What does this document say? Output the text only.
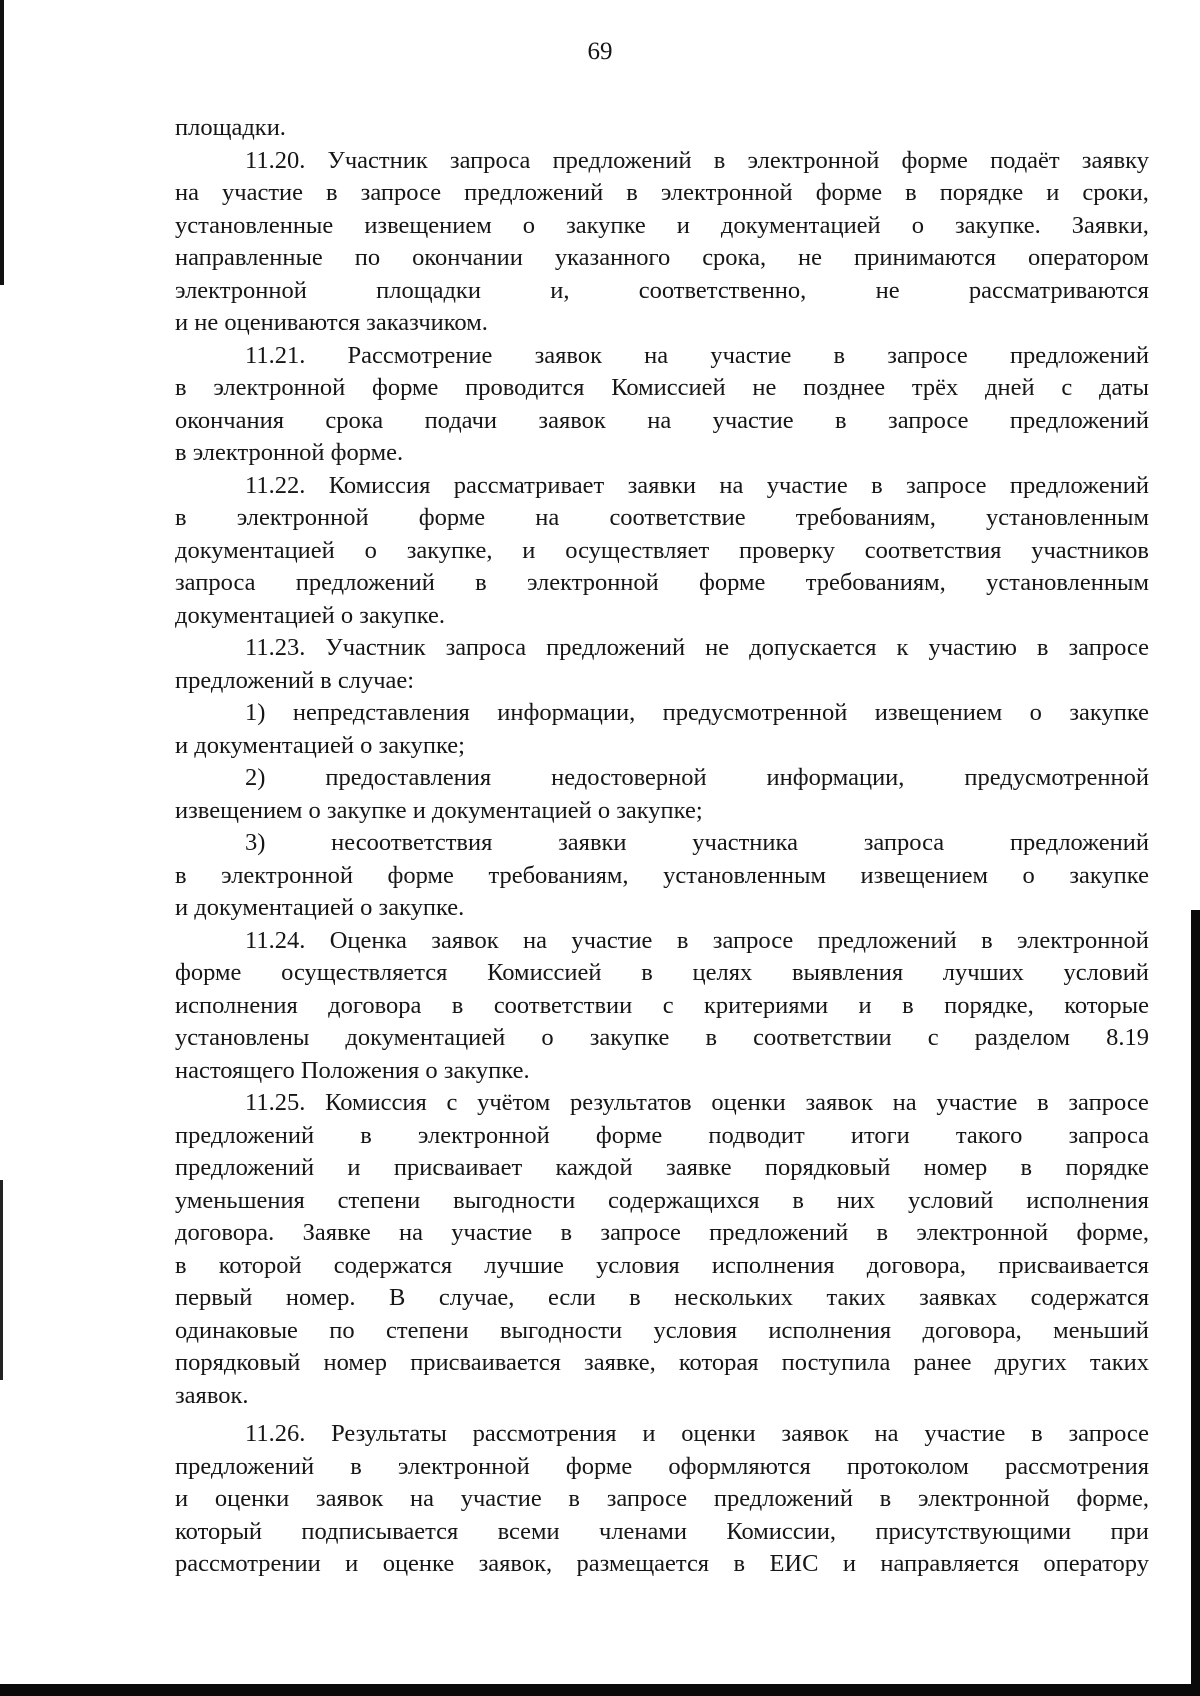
69
площадки.
11.20. Участник запроса предложений в электронной форме подаёт заявку
на участие в запросе предложений в электронной форме в порядке и сроки,
установленные извещением о закупке и документацией о закупке. Заявки,
направленные по окончании указанного срока, не принимаются оператором
электронной	площадки	и,	соответственно,	не	рассматриваются
и не оцениваются заказчиком.
11.21. Рассмотрение заявок на участие в запросе предложений
в электронной форме проводится Комиссией не позднее трёх дней с даты
окончания срока подачи заявок на участие в запросе предложений
в электронной форме.
11.22. Комиссия рассматривает заявки на участие в запросе предложений
в электронной форме на соответствие требованиям, установленным
документацией о закупке, и осуществляет проверку соответствия участников
запроса предложений в электронной форме требованиям, установленным
документацией о закупке.
11.23. Участник запроса предложений не допускается к участию в запросе
предложений в случае:
1) непредставления информации, предусмотренной извещением о закупке
и документацией о закупке;
2) предоставления недостоверной информации, предусмотренной
извещением о закупке и документацией о закупке;
3)	несоответствия	заявки	участника	запроса	предложений
в электронной форме требованиям, установленным извещением о закупке
и документацией о закупке.
11.24. Оценка заявок на участие в запросе предложений в электронной
форме осуществляется Комиссией в целях выявления лучших условий
исполнения договора в соответствии с критериями и в порядке, которые
установлены документацией о закупке в соответствии с разделом 8.19
настоящего Положения о закупке.
11.25. Комиссия с учётом результатов оценки заявок на участие в запросе
предложений в электронной форме подводит итоги такого запроса
предложений и присваивает каждой заявке порядковый номер в порядке
уменьшения степени выгодности содержащихся в них условий исполнения
договора. Заявке на участие в запросе предложений в электронной форме,
в которой содержатся лучшие условия исполнения договора, присваивается
первый номер. В случае, если в нескольких таких заявках содержатся
одинаковые по степени выгодности условия исполнения договора, меньший
порядковый номер присваивается заявке, которая поступила ранее других таких
заявок.
11.26. Результаты рассмотрения и оценки заявок на участие в запросе
предложений в электронной форме оформляются протоколом рассмотрения
и оценки заявок на участие в запросе предложений в электронной форме,
который подписывается всеми членами Комиссии, присутствующими при
рассмотрении и оценке заявок, размещается в ЕИС и направляется оператору
